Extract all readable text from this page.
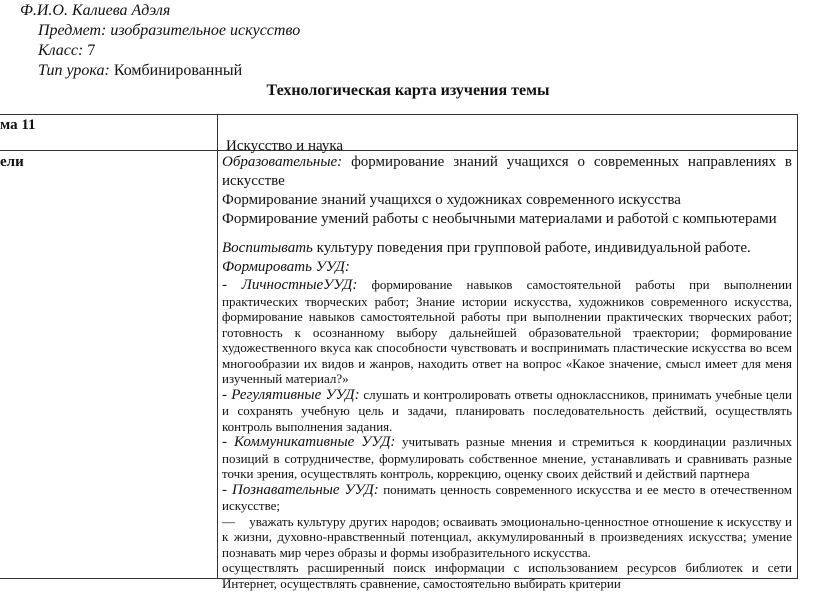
Ф.И.О. Калиева Адэля
Предмет: изобразительное искусство
Класс: 7
Тип урока: Комбинированный
Технологическая карта изучения темы
ма 11
Искусство и наука
ели	Образовательные: формирование знаний учащихся о современных направлениях в искусстве

Формирование знаний учащихся о художниках современного искусства

Формирование умений работы с необычными материалами и работой с компьютерами

Воспитывать культуру поведения при групповой работе, индивидуальной работе.

Формировать УУД:

- ЛичностныеУУД: формирование навыков самостоятельной работы при выполнении практических творческих работ; Знание истории искусства, художников современного искусства, формирование навыков самостоятельной работы при выполнении практических творческих работ; готовность к осознанному выбору дальнейшей образовательной траектории; формирование художественного вкуса как способности чувствовать и воспринимать пластические искусства во всем многообразии их видов и жанров, находить ответ на вопрос «Какое значение, смысл имеет для меня изученный материал?»

- Регулятивные УУД: слушать и контролировать ответы одноклассников, принимать учебные цели и сохранять учебную цель и задачи, планировать последовательность действий, осуществлять контроль выполнения задания.

- Коммуникативные УУД: учитывать разные мнения и стремиться к координации различных позиций в сотрудничестве, формулировать собственное мнение, устанавливать и сравнивать разные точки зрения, осуществлять контроль, коррекцию, оценку своих действий и действий партнера

- Познавательные УУД: понимать ценность современного искусства и ее место в отечественном искусстве;

— уважать культуру других народов; осваивать эмоционально-ценностное отношение к искусству и к жизни, духовно-нравственный потенциал, аккумулированный в произведениях искусства; умение познавать мир через образы и формы изобразительного искусства.

осуществлять расширенный поиск информации с использованием ресурсов библиотек и сети Интернет, осуществлять сравнение, самостоятельно выбирать критерии
